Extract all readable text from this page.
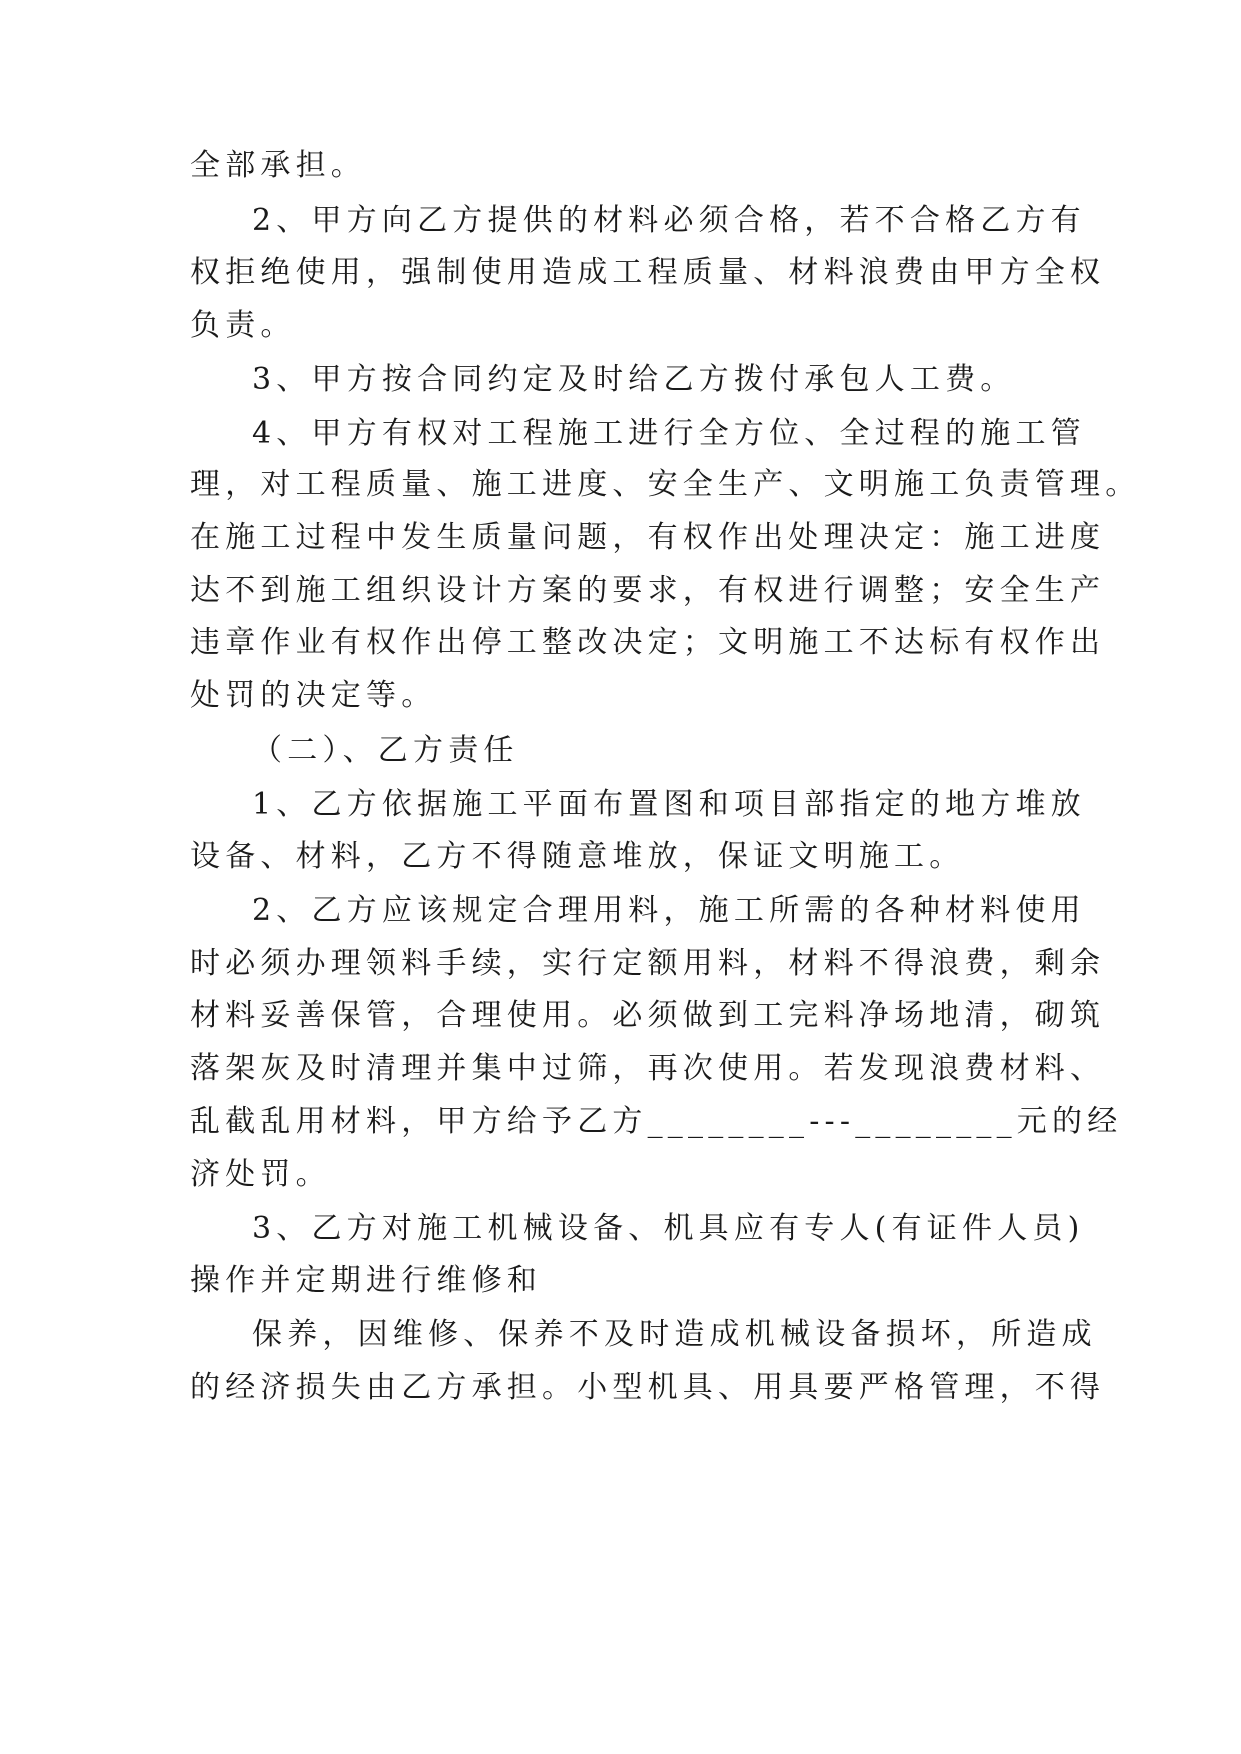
全部承担。
2、甲方向乙方提供的材料必须合格，若不合格乙方有
权拒绝使用，强制使用造成工程质量、材料浪费由甲方全权
负责。
3、甲方按合同约定及时给乙方拨付承包人工费。
4、甲方有权对工程施工进行全方位、全过程的施工管
理，对工程质量、施工进度、安全生产、文明施工负责管理。
在施工过程中发生质量问题，有权作出处理决定：施工进度
达不到施工组织设计方案的要求，有权进行调整；安全生产
违章作业有权作出停工整改决定；文明施工不达标有权作出
处罚的决定等。
（二）、乙方责任
1、乙方依据施工平面布置图和项目部指定的地方堆放
设备、材料，乙方不得随意堆放，保证文明施工。
2、乙方应该规定合理用料，施工所需的各种材料使用
时必须办理领料手续，实行定额用料，材料不得浪费，剩余
材料妥善保管，合理使用。必须做到工完料净场地清，砌筑
落架灰及时清理并集中过筛，再次使用。若发现浪费材料、
乱截乱用材料，甲方给予乙方________---________元的经
济处罚。
3、乙方对施工机械设备、机具应有专人(有证件人员)
操作并定期进行维修和
保养，因维修、保养不及时造成机械设备损坏，所造成
的经济损失由乙方承担。小型机具、用具要严格管理，不得
